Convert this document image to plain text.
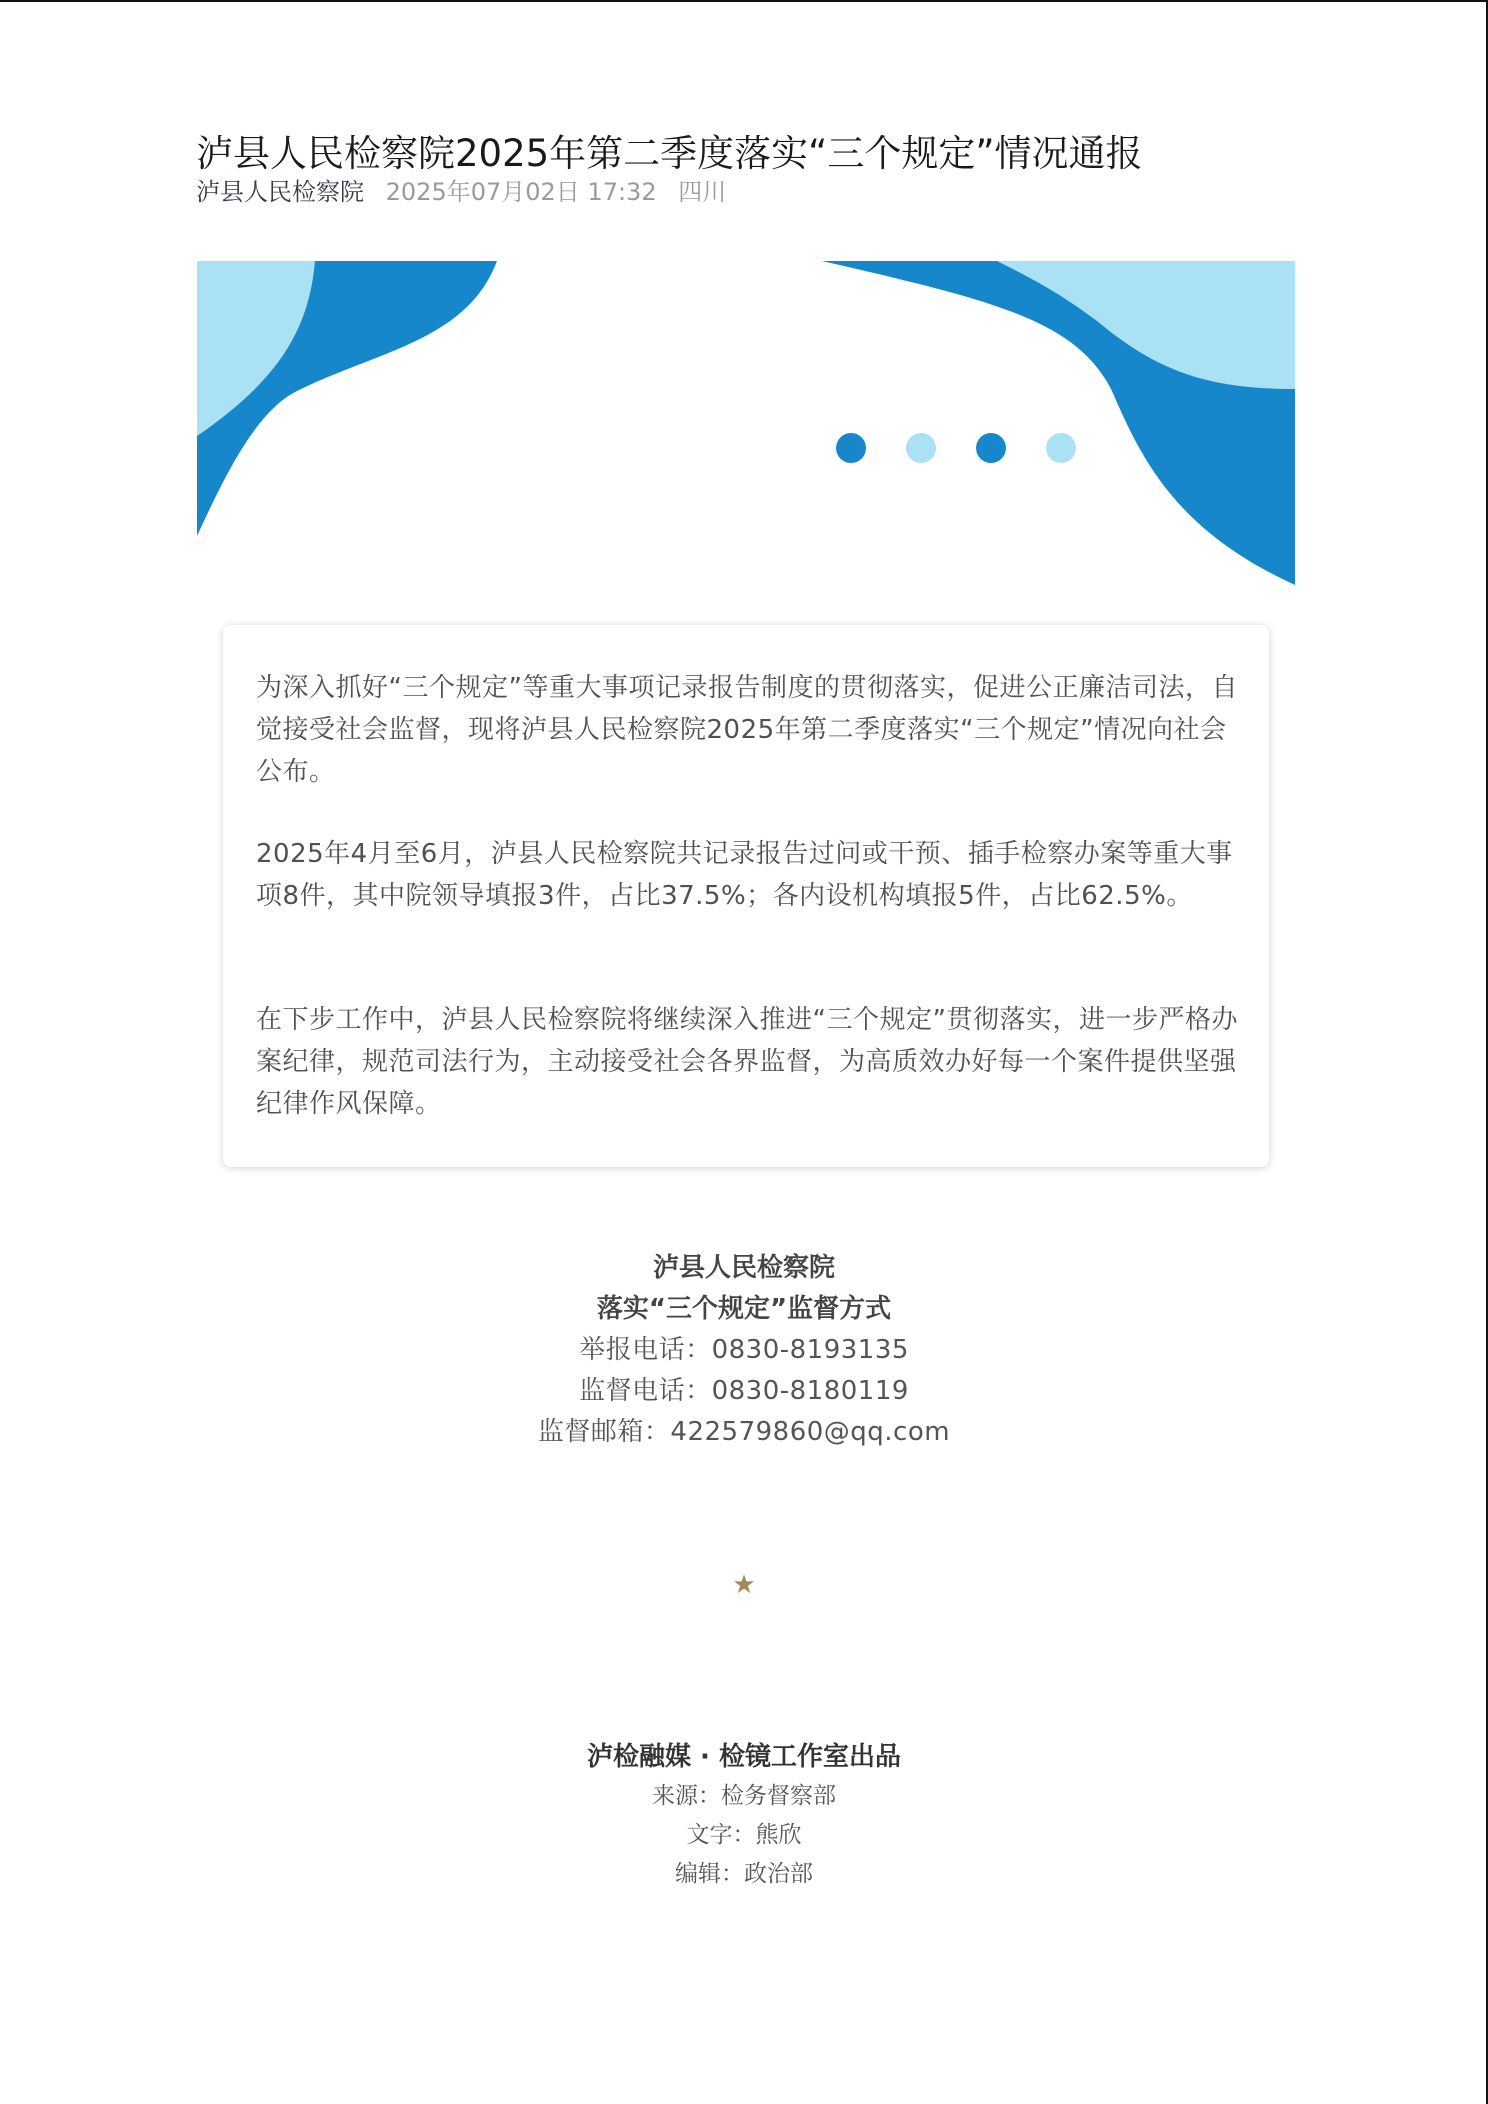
泸县人民检察院2025年第二季度落实“三个规定”情况通报
泸县人民检察院 2025年07月02日 17:32 四川

为深入抓好“三个规定”等重大事项记录报告制度的贯彻落实，促进公正廉洁司法，自觉接受社会监督，现将泸县人民检察院2025年第二季度落实“三个规定”情况向社会公布。

2025年4月至6月，泸县人民检察院共记录报告过问或干预、插手检察办案等重大事项8件，其中院领导填报3件，占比37.5%；各内设机构填报5件，占比62.5%。

在下步工作中，泸县人民检察院将继续深入推进“三个规定”贯彻落实，进一步严格办案纪律，规范司法行为，主动接受社会各界监督，为高质效办好每一个案件提供坚强纪律作风保障。

泸县人民检察院
落实“三个规定”监督方式
举报电话：0830-8193135
监督电话：0830-8180119
监督邮箱：422579860@qq.com
★
泸检融媒 · 检镜工作室出品
来源：检务督察部
文字：熊欣
编辑：政治部
